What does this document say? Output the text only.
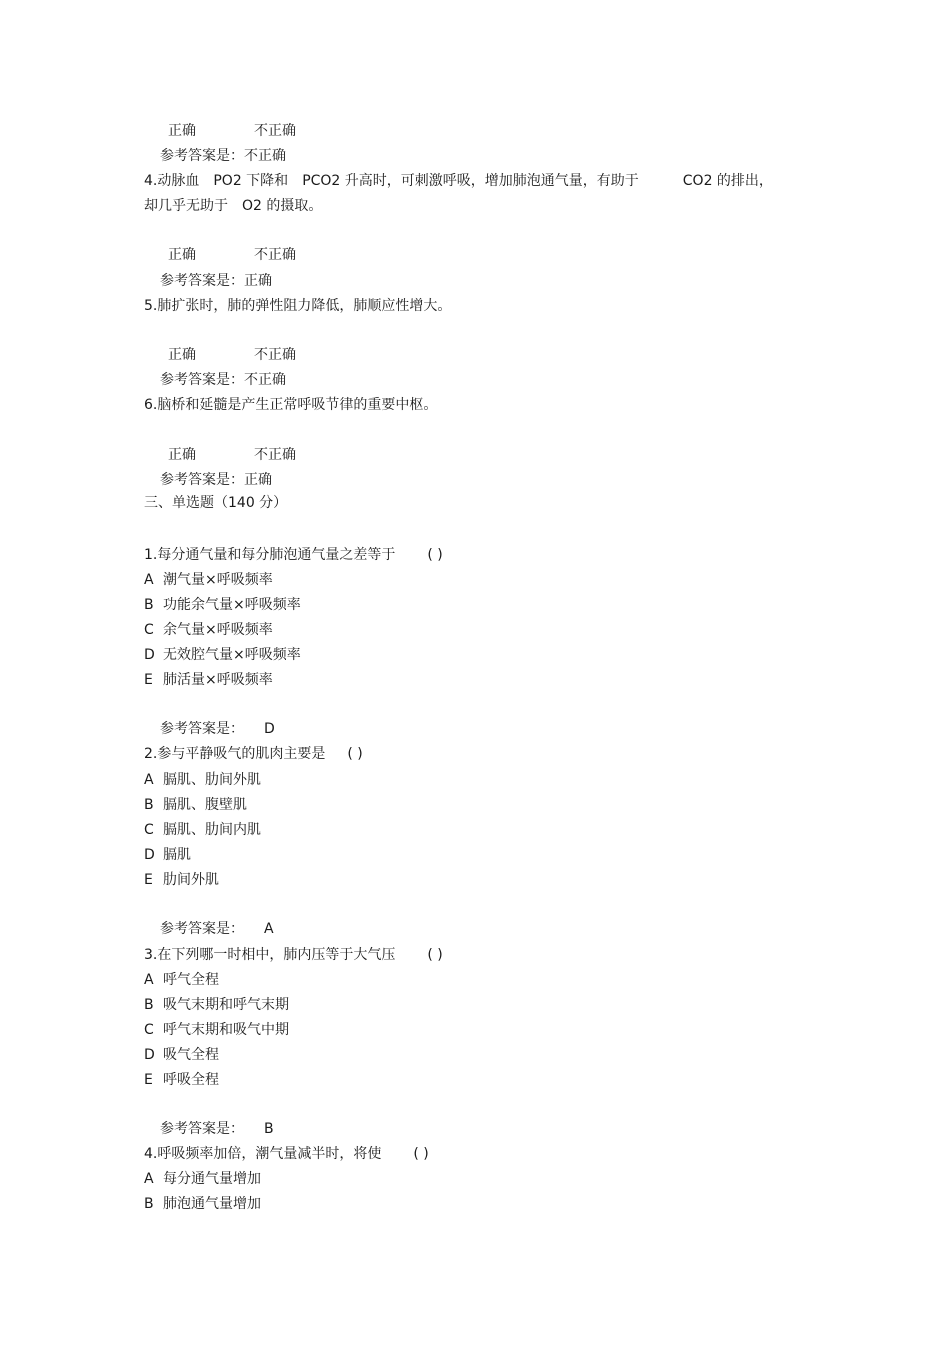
正确	不正确
参考答案是：不正确
4.动脉血 PO2 下降和 PCO2 升高时，可刺激呼吸，增加肺泡通气量，有助于	CO2 的排出，
却几乎无助于 O2 的摄取。
正确	不正确
参考答案是：正确
5.肺扩张时，肺的弹性阻力降低，肺顺应性增大。
正确	不正确
参考答案是：不正确
6.脑桥和延髓是产生正常呼吸节律的重要中枢。
正确	不正确
参考答案是：正确
三、单选题（140 分）
1.每分通气量和每分肺泡通气量之差等于 ( )
A 潮气量×呼吸频率
B 功能余气量×呼吸频率
C 余气量×呼吸频率
D 无效腔气量×呼吸频率
E 肺活量×呼吸频率
参考答案是： D
2.参与平静吸气的肌肉主要是 ( )
A 膈肌、肋间外肌
B 膈肌、腹壁肌
C 膈肌、肋间内肌
D 膈肌
E 肋间外肌
参考答案是： A
3.在下列哪一时相中，肺内压等于大气压 ( )
A 呼气全程
B 吸气末期和呼气末期
C 呼气末期和吸气中期
D 吸气全程
E 呼吸全程
参考答案是： B
4.呼吸频率加倍，潮气量减半时，将使 ( )
A 每分通气量增加
B 肺泡通气量增加
